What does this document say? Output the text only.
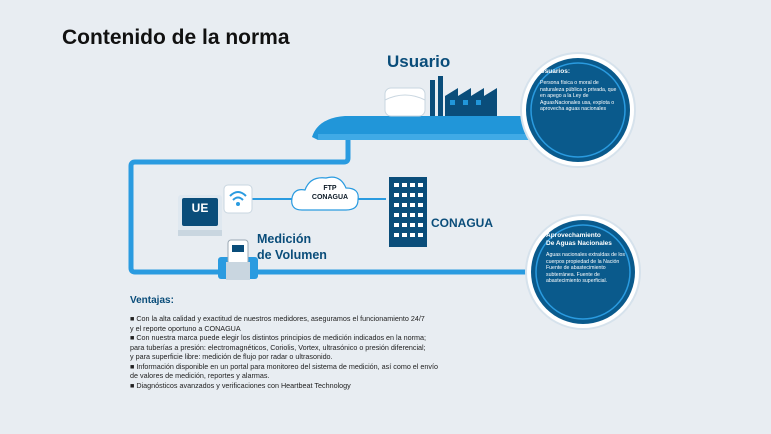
Contenido de la norma
Usuario
UE
FTP
CONAGUA
CONAGUA
Medición
de Volumen
Usuarios:
Persona física o moral de naturaleza pública o privada, que en apego a la Ley de AguasNacionales usa, explota o aprovecha aguas nacionales
Aprovechamiento
De Aguas Nacionales
Aguas nacionales extraídas de los cuerpos propiedad de la Nación Fuente de abastecimiento subterránea. Fuente de abastecimiento superficial.
Ventajas:
■ Con la alta calidad y exactitud de nuestros medidores, aseguramos el funcionamiento 24/7
y el reporte oportuno a CONAGUA
■ Con nuestra marca puede elegir los distintos principios de medición indicados en la norma;
para tuberías a presión: electromagnéticos, Coriolis, Vortex, ultrasónico o presión diferencial;
y para superficie libre: medición de flujo por radar o ultrasonido.
■ Información disponible en un portal para monitoreo del sistema de medición, así como el envío
de valores de medición, reportes y alarmas.
■ Diagnósticos avanzados y verificaciones con Heartbeat Technology
